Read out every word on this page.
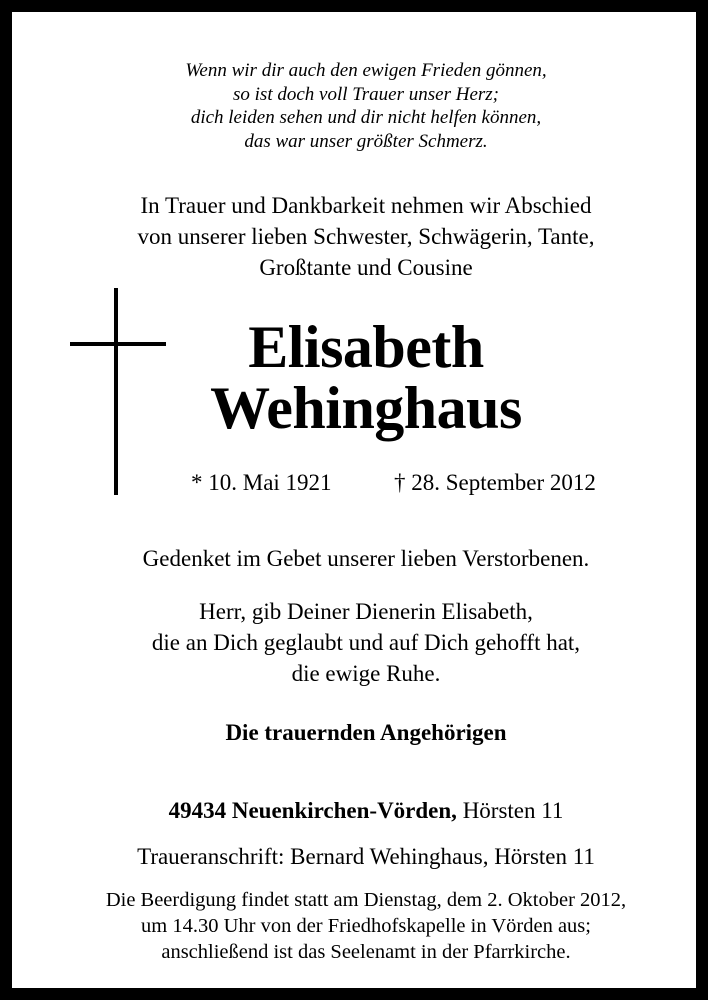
Wenn wir dir auch den ewigen Frieden gönnen,
so ist doch voll Trauer unser Herz;
dich leiden sehen und dir nicht helfen können,
das war unser größter Schmerz.
In Trauer und Dankbarkeit nehmen wir Abschied
von unserer lieben Schwester, Schwägerin, Tante,
Großtante und Cousine
Elisabeth
Wehinghaus
* 10. Mai 1921	† 28. September 2012
Gedenket im Gebet unserer lieben Verstorbenen.
Herr, gib Deiner Dienerin Elisabeth,
die an Dich geglaubt und auf Dich gehofft hat,
die ewige Ruhe.
Die trauernden Angehörigen
49434 Neuenkirchen-Vörden, Hörsten 11
Traueranschrift: Bernard Wehinghaus, Hörsten 11
Die Beerdigung findet statt am Dienstag, dem 2. Oktober 2012,
um 14.30 Uhr von der Friedhofskapelle in Vörden aus;
anschließend ist das Seelenamt in der Pfarrkirche.
